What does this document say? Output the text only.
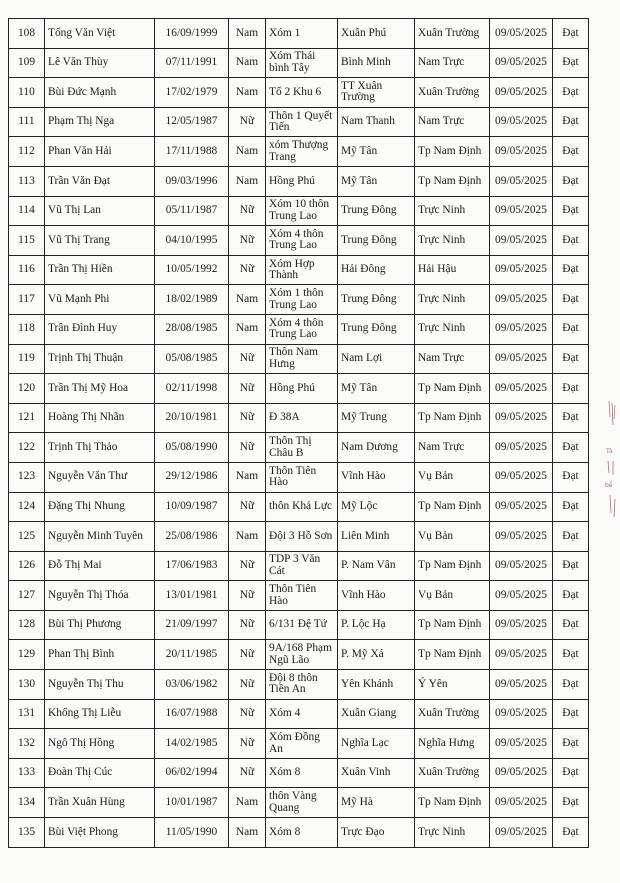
108	Tống Văn Việt	16/09/1999	Nam	Xóm 1	Xuân Phú	Xuân Trường	09/05/2025	Đạt
109	Lê Văn Thùy	07/11/1991	Nam	Xóm Thái bình Tây	Bình Minh	Nam Trực	09/05/2025	Đạt
110	Bùi Đức Mạnh	17/02/1979	Nam	Tổ 2 Khu 6	TT Xuân Trường	Xuân Trường	09/05/2025	Đạt
111	Phạm Thị Nga	12/05/1987	Nữ	Thôn 1 Quyết Tiến	Nam Thanh	Nam Trực	09/05/2025	Đạt
112	Phan Văn Hải	17/11/1988	Nam	xóm Thượng Trang	Mỹ Tân	Tp Nam Định	09/05/2025	Đạt
113	Trần Văn Đạt	09/03/1996	Nam	Hồng Phú	Mỹ Tân	Tp Nam Định	09/05/2025	Đạt
114	Vũ Thị Lan	05/11/1987	Nữ	Xóm 10 thôn Trung Lao	Trung Đông	Trực Ninh	09/05/2025	Đạt
115	Vũ Thị Trang	04/10/1995	Nữ	Xóm 4 thôn Trung Lao	Trung Đông	Trực Ninh	09/05/2025	Đạt
116	Trần Thị Hiền	10/05/1992	Nữ	Xóm Hợp Thành	Hải Đông	Hải Hậu	09/05/2025	Đạt
117	Vũ Mạnh Phi	18/02/1989	Nam	Xóm 1 thôn Trung Lao	Trung Đông	Trực Ninh	09/05/2025	Đạt
118	Trần Đình Huy	28/08/1985	Nam	Xóm 4 thôn Trung Lao	Trung Đông	Trực Ninh	09/05/2025	Đạt
119	Trịnh Thị Thuận	05/08/1985	Nữ	Thôn Nam Hưng	Nam Lợi	Nam Trực	09/05/2025	Đạt
120	Trần Thị Mỹ Hoa	02/11/1998	Nữ	Hồng Phú	Mỹ Tân	Tp Nam Định	09/05/2025	Đạt
121	Hoàng Thị Nhãn	20/10/1981	Nữ	Đ 38A	Mỹ Trung	Tp Nam Định	09/05/2025	Đạt
122	Trịnh Thị Thảo	05/08/1990	Nữ	Thôn Thị Châu B	Nam Dương	Nam Trực	09/05/2025	Đạt
123	Nguyễn Văn Thư	29/12/1986	Nam	Thôn Tiên Hào	Vĩnh Hào	Vụ Bản	09/05/2025	Đạt
124	Đặng Thị Nhung	10/09/1987	Nữ	thôn Khả Lực	Mỹ Lộc	Tp Nam Định	09/05/2025	Đạt
125	Nguyễn Minh Tuyên	25/08/1986	Nam	Đội 3 Hồ Sơn	Liên Minh	Vụ Bản	09/05/2025	Đạt
126	Đỗ Thị Mai	17/06/1983	Nữ	TDP 3 Văn Cát	P. Nam Vân	Tp Nam Định	09/05/2025	Đạt
127	Nguyễn Thị Thóa	13/01/1981	Nữ	Thôn Tiên Hào	Vĩnh Hào	Vụ Bản	09/05/2025	Đạt
128	Bùi Thị Phương	21/09/1997	Nữ	6/131 Đệ Tứ	P. Lộc Hạ	Tp Nam Định	09/05/2025	Đạt
129	Phan Thị Bình	20/11/1985	Nữ	9A/168 Phạm Ngũ Lão	P. Mỹ Xá	Tp Nam Định	09/05/2025	Đạt
130	Nguyễn Thị Thu	03/06/1982	Nữ	Đội 8 thôn Tiền An	Yên Khánh	Ý Yên	09/05/2025	Đạt
131	Khổng Thị Liễu	16/07/1988	Nữ	Xóm 4	Xuân Giang	Xuân Trường	09/05/2025	Đạt
132	Ngô Thị Hồng	14/02/1985	Nữ	Xóm Đồng An	Nghĩa Lạc	Nghĩa Hưng	09/05/2025	Đạt
133	Đoàn Thị Cúc	06/02/1994	Nữ	Xóm 8	Xuân Vinh	Xuân Trường	09/05/2025	Đạt
134	Trần Xuân Hùng	10/01/1987	Nam	thôn Vàng Quang	Mỹ Hà	Tp Nam Định	09/05/2025	Đạt
135	Bùi Việt Phong	11/05/1990	Nam	Xóm 8	Trực Đạo	Trực Ninh	09/05/2025	Đạt
Tà
bế
